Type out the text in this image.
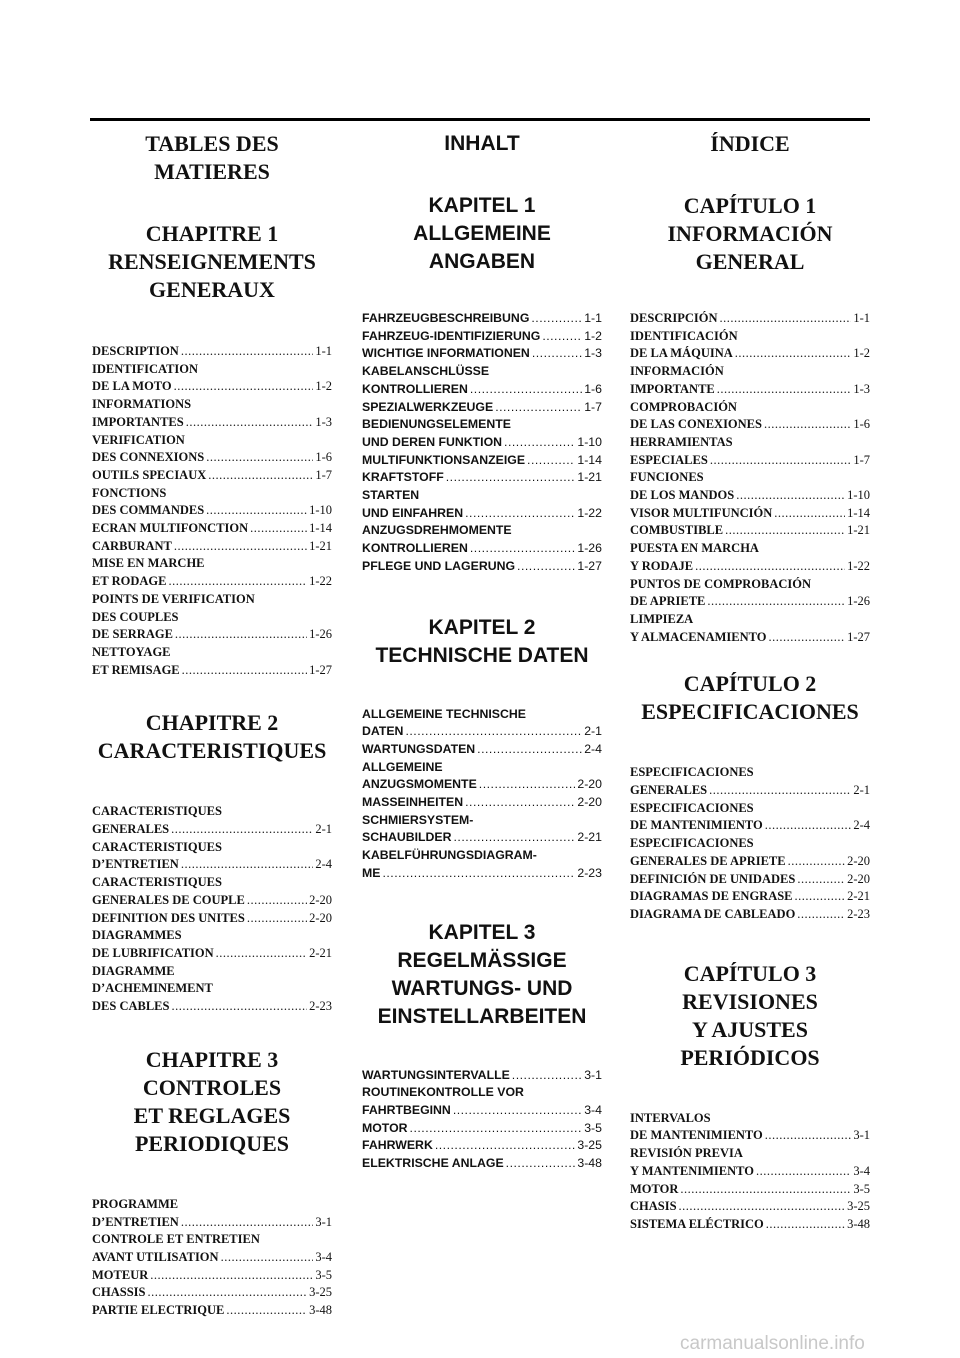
TABLES DES
MATIERES
CHAPITRE 1
RENSEIGNEMENTS
GENERAUX
DESCRIPTION .....	1-1
IDENTIFICATION
DE LA MOTO .....	1-2
INFORMATIONS
IMPORTANTES .....	1-3
VERIFICATION
DES CONNEXIONS .....	1-6
OUTILS SPECIAUX .....	1-7
FONCTIONS
DES COMMANDES .....	1-10
ECRAN MULTIFONCTION .....	1-14
CARBURANT .....	1-21
MISE EN MARCHE
ET RODAGE .....	1-22
POINTS DE VERIFICATION
DES COUPLES
DE SERRAGE .....	1-26
NETTOYAGE
ET REMISAGE .....	1-27
CHAPITRE 2
CARACTERISTIQUES
CARACTERISTIQUES
GENERALES .....	2-1
CARACTERISTIQUES
D’ENTRETIEN .....	2-4
CARACTERISTIQUES
GENERALES DE COUPLE .....	2-20
DEFINITION DES UNITES .....	2-20
DIAGRAMMES
DE LUBRIFICATION .....	2-21
DIAGRAMME
D’ACHEMINEMENT
DES CABLES .....	2-23
CHAPITRE 3
CONTROLES
ET REGLAGES
PERIODIQUES
PROGRAMME
D’ENTRETIEN .....	3-1
CONTROLE ET ENTRETIEN
AVANT UTILISATION .....	3-4
MOTEUR .....	3-5
CHASSIS .....	3-25
PARTIE ELECTRIQUE .....	3-48
INHALT
KAPITEL 1
ALLGEMEINE
ANGABEN
FAHRZEUGBESCHREIBUNG .....	1-1
FAHRZEUG-IDENTIFIZIERUNG .....	1-2
WICHTIGE INFORMATIONEN .....	1-3
KABELANSCHLÜSSE
KONTROLLIEREN .....	1-6
SPEZIALWERKZEUGE .....	1-7
BEDIENUNGSELEMENTE
UND DEREN FUNKTION .....	1-10
MULTIFUNKTIONSANZEIGE .....	1-14
KRAFTSTOFF .....	1-21
STARTEN
UND EINFAHREN .....	1-22
ANZUGSDREHMOMENTE
KONTROLLIEREN .....	1-26
PFLEGE UND LAGERUNG .....	1-27
KAPITEL 2
TECHNISCHE DATEN
ALLGEMEINE TECHNISCHE
DATEN .....	2-1
WARTUNGSDATEN .....	2-4
ALLGEMEINE
ANZUGSMOMENTE .....	2-20
MASSEINHEITEN .....	2-20
SCHMIERSYSTEM-
SCHAUBILDER .....	2-21
KABELFÜHRUNGSDIAGRAM-
ME .....	2-23
KAPITEL 3
REGELMÄSSIGE
WARTUNGS- UND
EINSTELLARBEITEN
WARTUNGSINTERVALLE .....	3-1
ROUTINEKONTROLLE VOR
FAHRTBEGINN .....	3-4
MOTOR .....	3-5
FAHRWERK .....	3-25
ELEKTRISCHE ANLAGE .....	3-48
ÍNDICE
CAPÍTULO 1
INFORMACIÓN
GENERAL
DESCRIPCIÓN .....	1-1
IDENTIFICACIÓN
DE LA MÁQUINA .....	1-2
INFORMACIÓN
IMPORTANTE .....	1-3
COMPROBACIÓN
DE LAS CONEXIONES .....	1-6
HERRAMIENTAS
ESPECIALES .....	1-7
FUNCIONES
DE LOS MANDOS .....	1-10
VISOR MULTIFUNCIÓN .....	1-14
COMBUSTIBLE .....	1-21
PUESTA EN MARCHA
Y RODAJE .....	1-22
PUNTOS DE COMPROBACIÓN
DE APRIETE .....	1-26
LIMPIEZA
Y ALMACENAMIENTO .....	1-27
CAPÍTULO 2
ESPECIFICACIONES
ESPECIFICACIONES
GENERALES .....	2-1
ESPECIFICACIONES
DE MANTENIMIENTO .....	2-4
ESPECIFICACIONES
GENERALES DE APRIETE .....	2-20
DEFINICIÓN DE UNIDADES .....	2-20
DIAGRAMAS DE ENGRASE .....	2-21
DIAGRAMA DE CABLEADO .....	2-23
CAPÍTULO 3
REVISIONES
Y AJUSTES
PERIÓDICOS
INTERVALOS
DE MANTENIMIENTO .....	3-1
REVISIÓN PREVIA
Y MANTENIMIENTO .....	3-4
MOTOR .....	3-5
CHASIS .....	3-25
SISTEMA ELÉCTRICO .....	3-48
carmanualsonline.info
